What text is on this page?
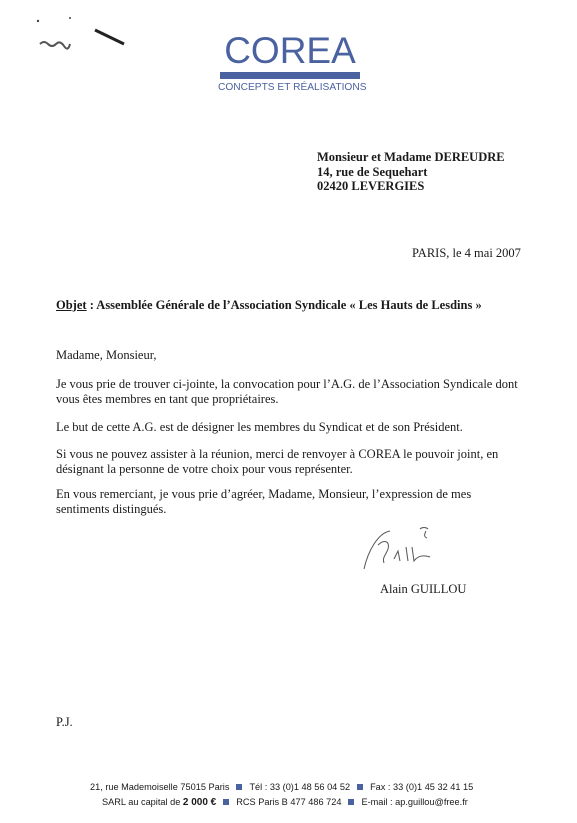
COREA
CONCEPTS ET RÉALISATIONS
Monsieur et Madame DEREUDRE
14, rue de Sequehart
02420 LEVERGIES
PARIS, le 4 mai 2007
Objet : Assemblée Générale de l’Association Syndicale « Les Hauts de Lesdins »

Madame, Monsieur,

Je vous prie de trouver ci-jointe, la convocation pour l’A.G. de l’Association Syndicale dont vous êtes membres en tant que propriétaires.

Le but de cette A.G. est de désigner les membres du Syndicat et de son Président.

Si vous ne pouvez assister à la réunion, merci de renvoyer à COREA le pouvoir joint, en désignant la personne de votre choix pour vous représenter.

En vous remerciant, je vous prie d’agréer, Madame, Monsieur, l’expression de mes sentiments distingués.

Alain GUILLOU
P.J.
21, rue Mademoiselle 75015 Paris Tél : 33 (0)1 48 56 04 52 Fax : 33 (0)1 45 32 41 15
SARL au capital de 2 000 € RCS Paris B 477 486 724 E-mail : ap.guillou@free.fr
